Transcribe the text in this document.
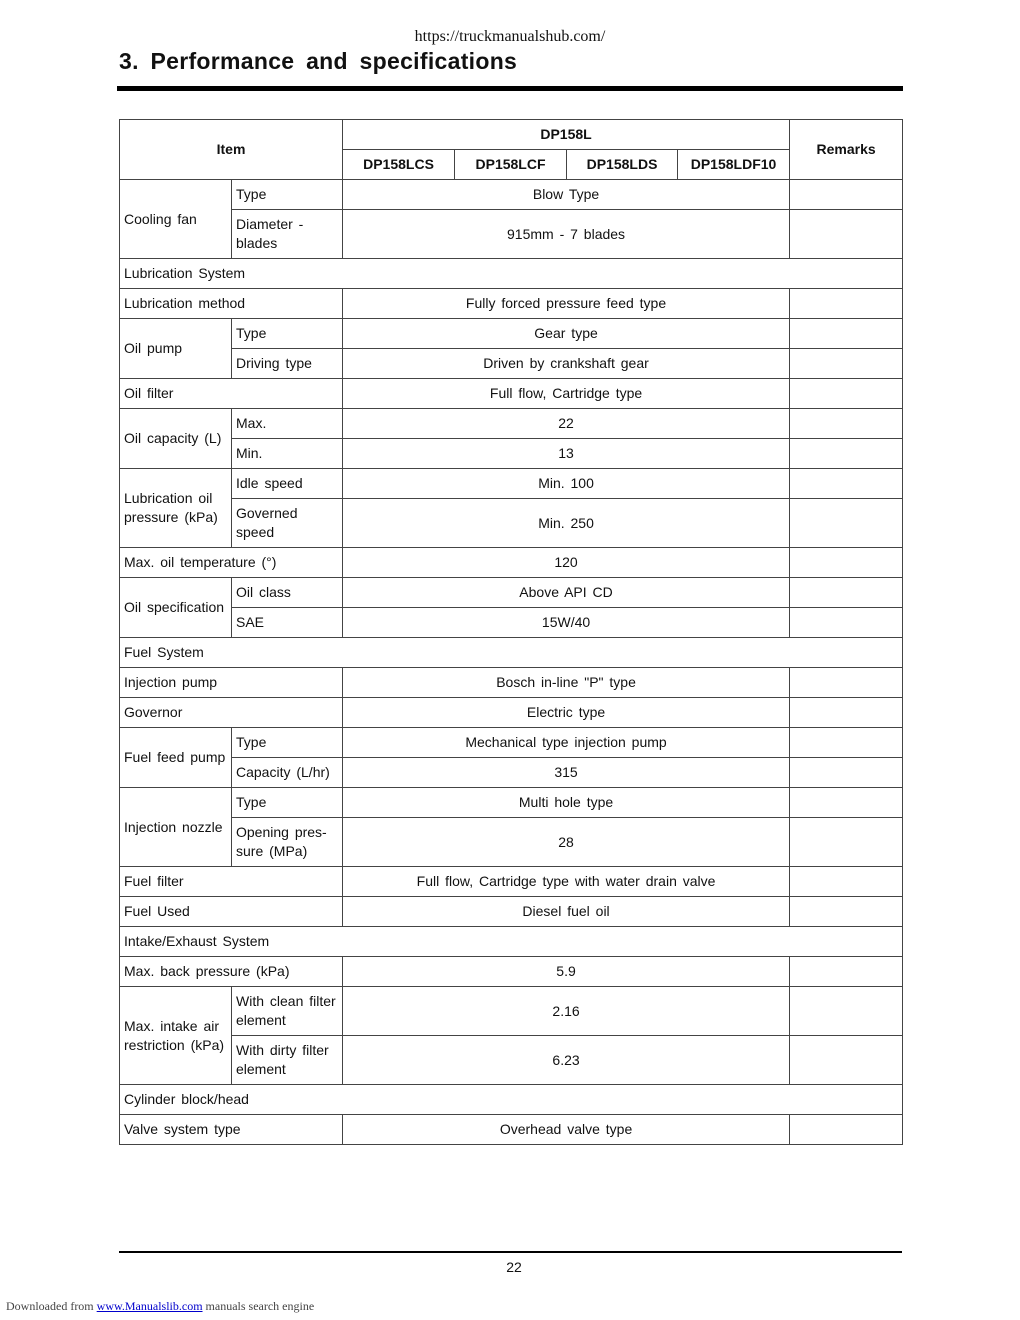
https://truckmanualshub.com/
3. Performance and specifications
Item		DP158L				Remarks
		DP158LCS	DP158LCF	DP158LDS	DP158LDF10	
Cooling fan	Type	Blow Type				
	Diameter - blades	915mm - 7 blades				
Lubrication System						
Lubrication method		Fully forced pressure feed type				
Oil pump	Type	Gear type				
	Driving type	Driven by crankshaft gear				
Oil filter		Full flow, Cartridge type				
Oil capacity (L)	Max.	22				
	Min.	13				
Lubrication oil pressure (kPa)	Idle speed	Min. 100				
	Governed speed	Min. 250				
Max. oil temperature (°)		120				
Oil specification	Oil class	Above API CD				
	SAE	15W/40				
Fuel System						
Injection pump		Bosch in-line "P" type				
Governor		Electric type				
Fuel feed pump	Type	Mechanical type injection pump				
	Capacity (L/hr)	315				
Injection nozzle	Type	Multi hole type				
	Opening pres-sure (MPa)	28				
Fuel filter		Full flow, Cartridge type with water drain valve				
Fuel Used		Diesel fuel oil				
Intake/Exhaust System						
Max. back pressure (kPa)		5.9				
Max. intake air restriction (kPa)	With clean filter element	2.16				
	With dirty filter element	6.23				
Cylinder block/head						
Valve system type		Overhead valve type				
22
Downloaded from www.Manualslib.com manuals search engine
